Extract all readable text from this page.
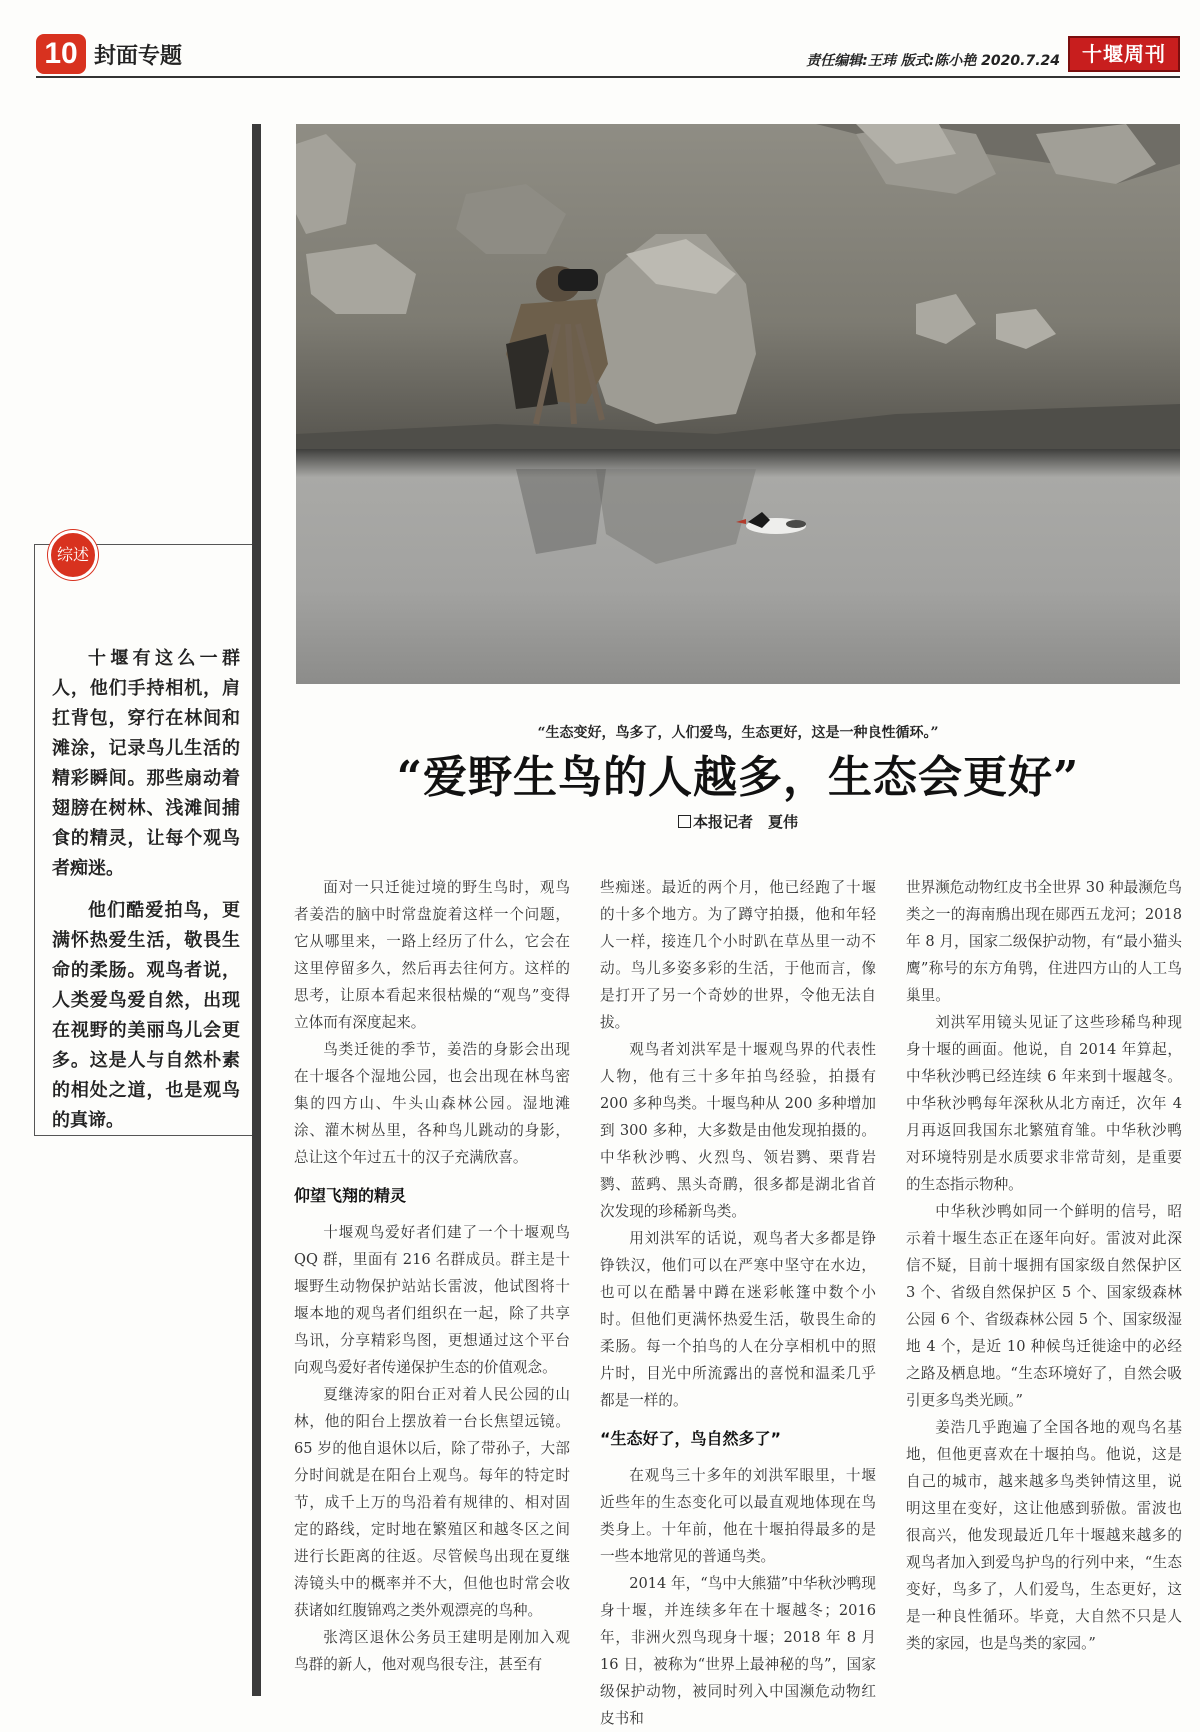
10 封面专题	责任编辑:王玮 版式:陈小艳 2020.7.24	十堰周刊
综述

十堰有这么一群人，他们手持相机，肩扛背包，穿行在林间和滩涂，记录鸟儿生活的精彩瞬间。那些扇动着翅膀在树林、浅滩间捕食的精灵，让每个观鸟者痴迷。

他们酷爱拍鸟，更满怀热爱生活，敬畏生命的柔肠。观鸟者说，人类爱鸟爱自然，出现在视野的美丽鸟儿会更多。这是人与自然朴素的相处之道，也是观鸟的真谛。

“生态变好，鸟多了，人们爱鸟，生态更好，这是一种良性循环。”
“爱野生鸟的人越多，生态会更好”
本报记者　夏伟

面对一只迁徙过境的野生鸟时，观鸟者姜浩的脑中时常盘旋着这样一个问题，它从哪里来，一路上经历了什么，它会在这里停留多久，然后再去往何方。这样的思考，让原本看起来很枯燥的“观鸟”变得立体而有深度起来。

鸟类迁徙的季节，姜浩的身影会出现在十堰各个湿地公园，也会出现在林鸟密集的四方山、牛头山森林公园。湿地滩涂、灌木树丛里，各种鸟儿跳动的身影，总让这个年过五十的汉子充满欣喜。

仰望飞翔的精灵

十堰观鸟爱好者们建了一个十堰观鸟 QQ 群，里面有 216 名群成员。群主是十堰野生动物保护站站长雷波，他试图将十堰本地的观鸟者们组织在一起，除了共享鸟讯，分享精彩鸟图，更想通过这个平台向观鸟爱好者传递保护生态的价值观念。

夏继涛家的阳台正对着人民公园的山林，他的阳台上摆放着一台长焦望远镜。65 岁的他自退休以后，除了带孙子，大部分时间就是在阳台上观鸟。每年的特定时节，成千上万的鸟沿着有规律的、相对固定的路线，定时地在繁殖区和越冬区之间进行长距离的往返。尽管候鸟出现在夏继涛镜头中的概率并不大，但他也时常会收获诸如红腹锦鸡之类外观漂亮的鸟种。

张湾区退休公务员王建明是刚加入观鸟群的新人，他对观鸟很专注，甚至有

些痴迷。最近的两个月，他已经跑了十堰的十多个地方。为了蹲守拍摄，他和年轻人一样，接连几个小时趴在草丛里一动不动。鸟儿多姿多彩的生活，于他而言，像是打开了另一个奇妙的世界，令他无法自拔。

观鸟者刘洪军是十堰观鸟界的代表性人物，他有三十多年拍鸟经验，拍摄有 200 多种鸟类。十堰鸟种从 200 多种增加到 300 多种，大多数是由他发现拍摄的。中华秋沙鸭、火烈鸟、领岩鹨、栗背岩鹨、蓝鹀、黑头奇鹛，很多都是湖北省首次发现的珍稀新鸟类。

用刘洪军的话说，观鸟者大多都是铮铮铁汉，他们可以在严寒中坚守在水边，也可以在酷暑中蹲在迷彩帐篷中数个小时。但他们更满怀热爱生活，敬畏生命的柔肠。每一个拍鸟的人在分享相机中的照片时，目光中所流露出的喜悦和温柔几乎都是一样的。

“生态好了，鸟自然多了”

在观鸟三十多年的刘洪军眼里，十堰近些年的生态变化可以最直观地体现在鸟类身上。十年前，他在十堰拍得最多的是一些本地常见的普通鸟类。

2014 年，“鸟中大熊猫”中华秋沙鸭现身十堰，并连续多年在十堰越冬；2016 年，非洲火烈鸟现身十堰；2018 年 8 月 16 日，被称为“世界上最神秘的鸟”，国家级保护动物，被同时列入中国濒危动物红皮书和

世界濒危动物红皮书全世界 30 种最濒危鸟类之一的海南鳽出现在郧西五龙河；2018 年 8 月，国家二级保护动物，有“最小猫头鹰”称号的东方角鸮，住进四方山的人工鸟巢里。

刘洪军用镜头见证了这些珍稀鸟种现身十堰的画面。他说，自 2014 年算起，中华秋沙鸭已经连续 6 年来到十堰越冬。中华秋沙鸭每年深秋从北方南迁，次年 4 月再返回我国东北繁殖育雏。中华秋沙鸭对环境特别是水质要求非常苛刻，是重要的生态指示物种。

中华秋沙鸭如同一个鲜明的信号，昭示着十堰生态正在逐年向好。雷波对此深信不疑，目前十堰拥有国家级自然保护区 3 个、省级自然保护区 5 个、国家级森林公园 6 个、省级森林公园 5 个、国家级湿地 4 个，是近 10 种候鸟迁徙途中的必经之路及栖息地。“生态环境好了，自然会吸引更多鸟类光顾。”

姜浩几乎跑遍了全国各地的观鸟名基地，但他更喜欢在十堰拍鸟。他说，这是自己的城市，越来越多鸟类钟情这里，说明这里在变好，这让他感到骄傲。雷波也很高兴，他发现最近几年十堰越来越多的观鸟者加入到爱鸟护鸟的行列中来，“生态变好，鸟多了，人们爱鸟，生态更好，这是一种良性循环。毕竟，大自然不只是人类的家园，也是鸟类的家园。”
